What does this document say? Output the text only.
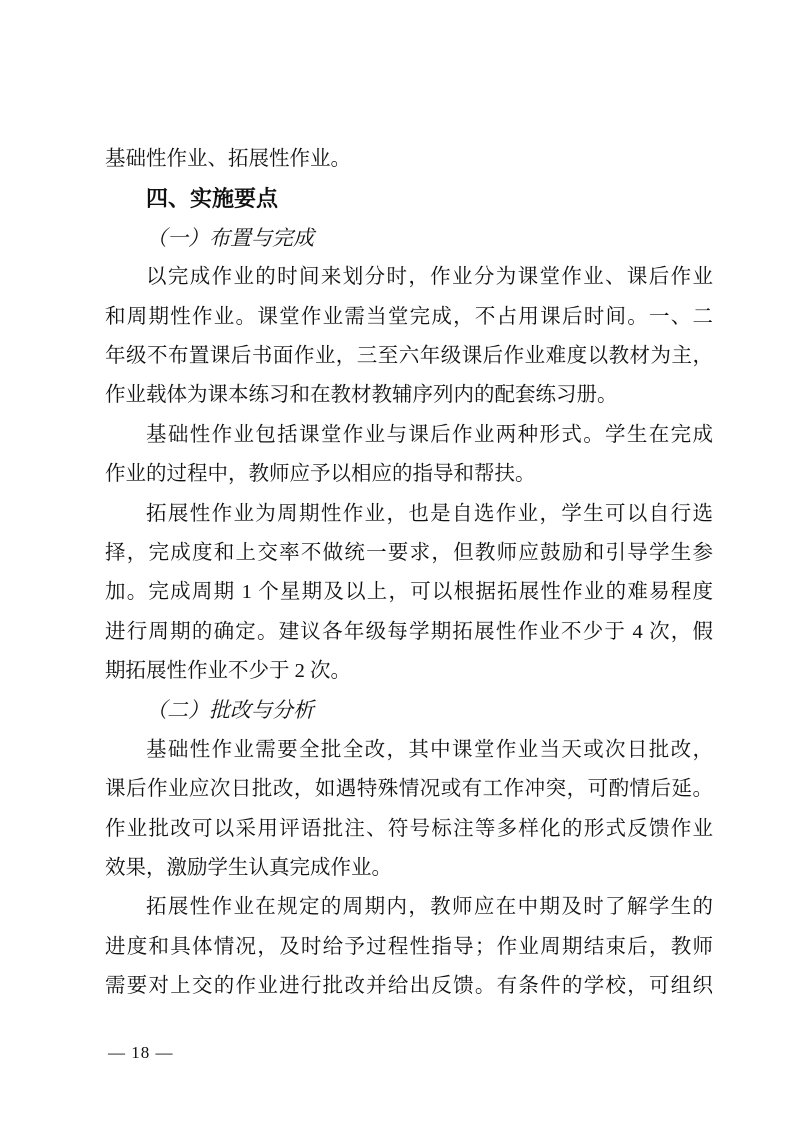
基础性作业、拓展性作业。
四、实施要点
（一）布置与完成
以完成作业的时间来划分时，作业分为课堂作业、课后作业
和周期性作业。课堂作业需当堂完成，不占用课后时间。一、二
年级不布置课后书面作业，三至六年级课后作业难度以教材为主，
作业载体为课本练习和在教材教辅序列内的配套练习册。
基础性作业包括课堂作业与课后作业两种形式。学生在完成
作业的过程中，教师应予以相应的指导和帮扶。
拓展性作业为周期性作业，也是自选作业，学生可以自行选
择，完成度和上交率不做统一要求，但教师应鼓励和引导学生参
加。完成周期 1 个星期及以上，可以根据拓展性作业的难易程度
进行周期的确定。建议各年级每学期拓展性作业不少于 4 次，假
期拓展性作业不少于 2 次。
（二）批改与分析
基础性作业需要全批全改，其中课堂作业当天或次日批改，
课后作业应次日批改，如遇特殊情况或有工作冲突，可酌情后延。
作业批改可以采用评语批注、符号标注等多样化的形式反馈作业
效果，激励学生认真完成作业。
拓展性作业在规定的周期内，教师应在中期及时了解学生的
进度和具体情况，及时给予过程性指导；作业周期结束后，教师
需要对上交的作业进行批改并给出反馈。有条件的学校，可组织
— 18 —
